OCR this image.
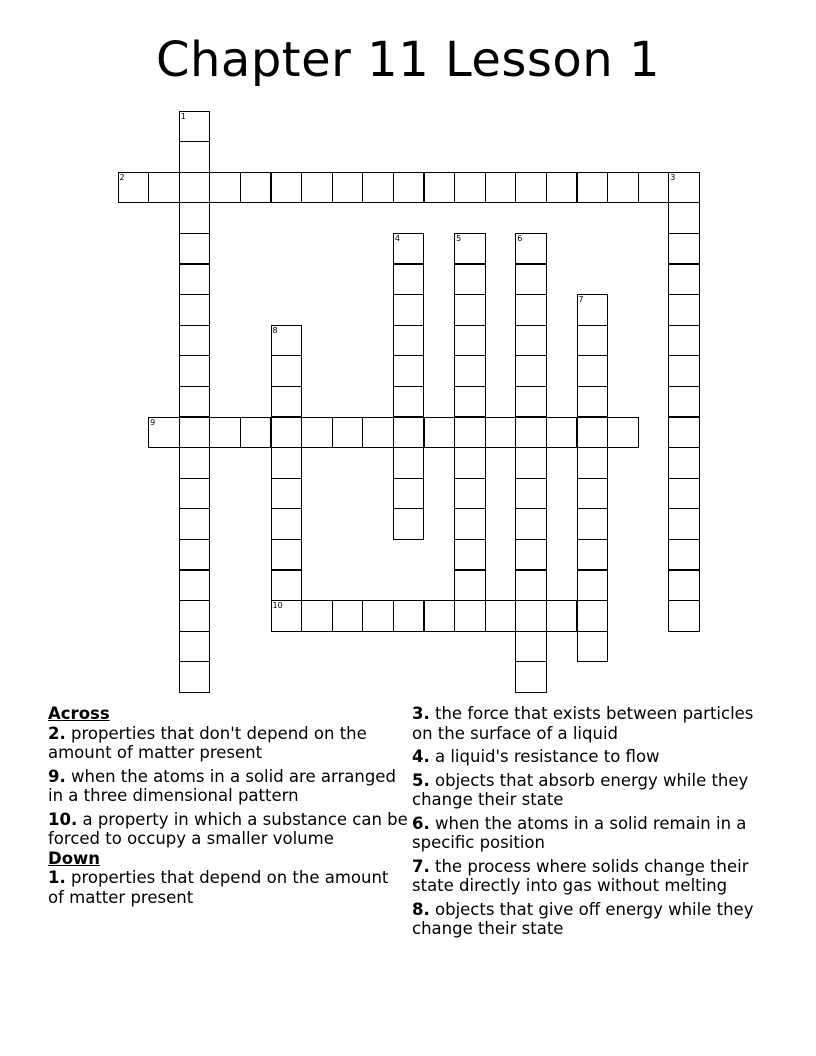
Chapter 11 Lesson 1
1
2	3
4	5	6
7
8
10
9
Across
2. properties that don't depend on the amount of matter present
9. when the atoms in a solid are arranged in a three dimensional pattern
10. a property in which a substance can be forced to occupy a smaller volume
Down
1. properties that depend on the amount of matter present
3. the force that exists between particles on the surface of a liquid
4. a liquid's resistance to flow
5. objects that absorb energy while they change their state
6. when the atoms in a solid remain in a specific position
7. the process where solids change their state directly into gas without melting
8. objects that give off energy while they change their state
